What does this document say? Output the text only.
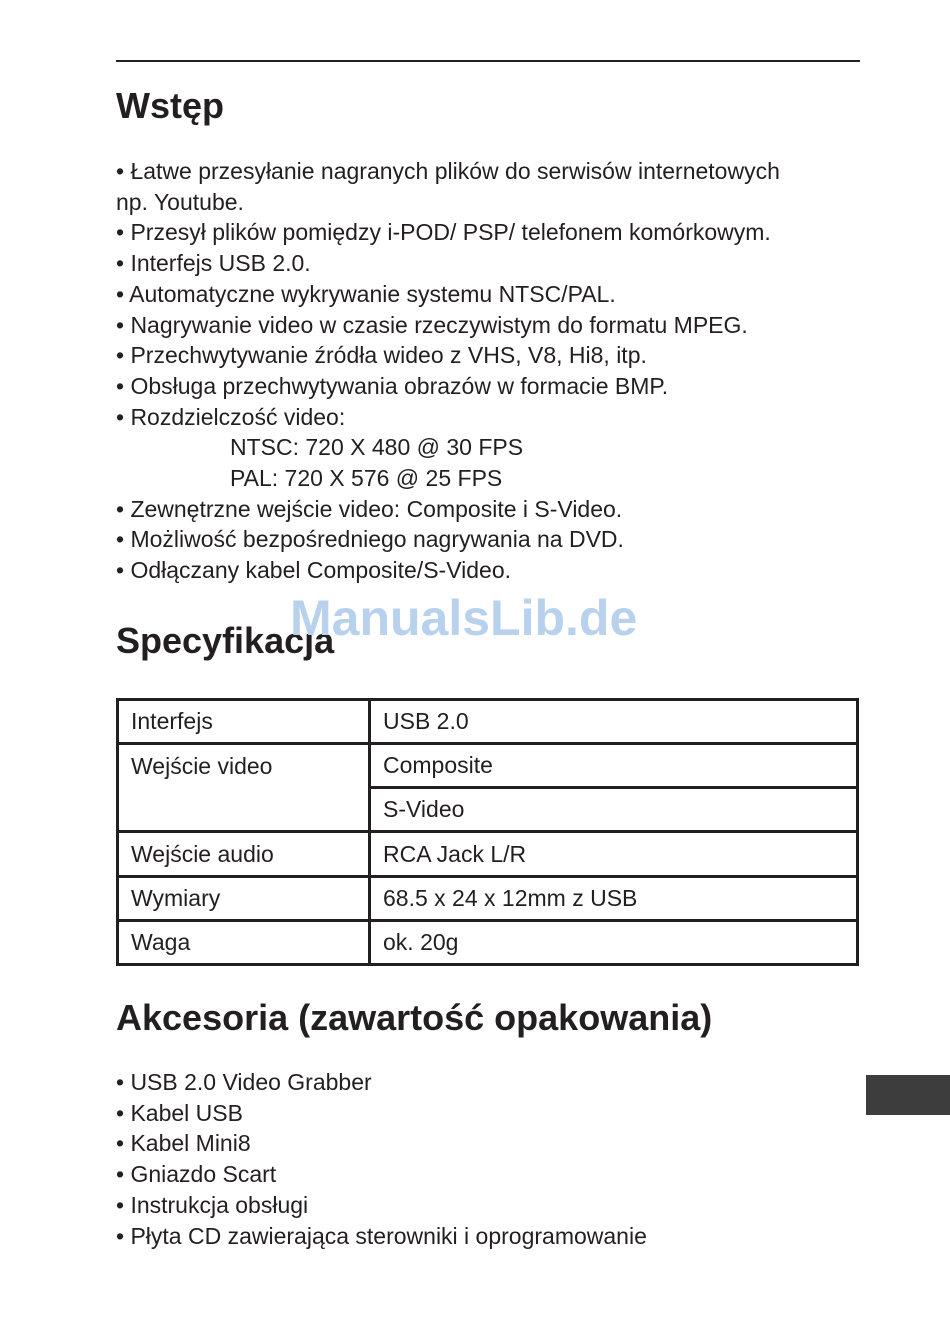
Wstęp
• Łatwe przesyłanie nagranych plików do serwisów internetowych
np. Youtube.
• Przesył plików pomiędzy i-POD/ PSP/ telefonem komórkowym.
• Interfejs USB 2.0.
• Automatyczne wykrywanie systemu NTSC/PAL.
• Nagrywanie video w czasie rzeczywistym do formatu MPEG.
• Przechwytywanie źródła wideo z VHS, V8, Hi8, itp.
• Obsługa przechwytywania obrazów w formacie BMP.
• Rozdzielczość video:
NTSC: 720 X 480 @ 30 FPS
PAL: 720 X 576 @ 25 FPS
• Zewnętrzne wejście video: Composite i S-Video.
• Możliwość bezpośredniego nagrywania na DVD.
• Odłączany kabel Composite/S-Video.
Specyfikacja
ManualsLib.de
Interfejs	USB 2.0
Wejście video	Composite
	S-Video
Wejście audio	RCA Jack L/R
Wymiary	68.5 x 24 x 12mm z USB
Waga	ok. 20g
Akcesoria (zawartość opakowania)
• USB 2.0 Video Grabber
• Kabel USB
• Kabel Mini8
• Gniazdo Scart
• Instrukcja obsługi
• Płyta CD zawierająca sterowniki i oprogramowanie
